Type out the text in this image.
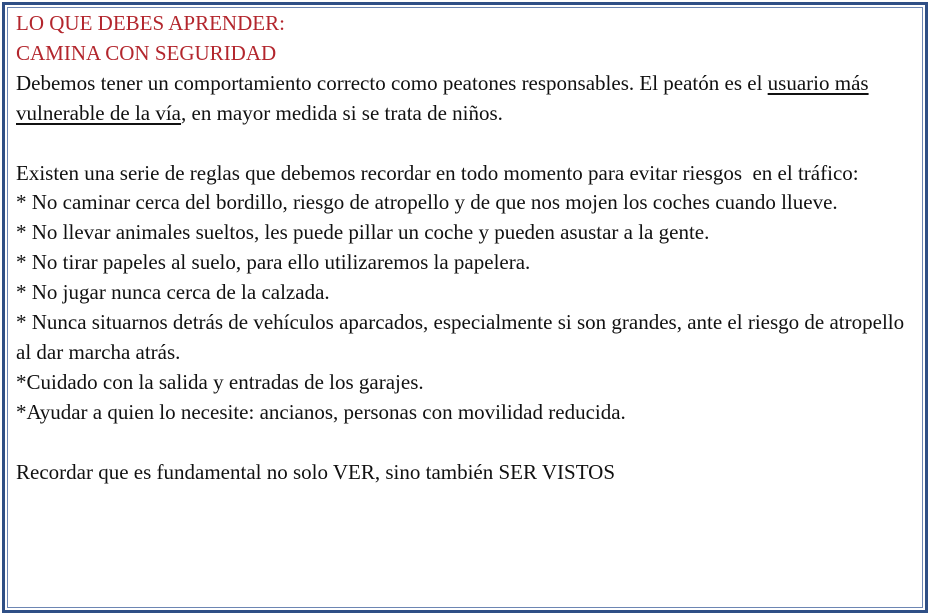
LO QUE DEBES APRENDER:
CAMINA CON SEGURIDAD

Debemos tener un comportamiento correcto como peatones responsables. El peatón es el usuario más vulnerable de la vía, en mayor medida si se trata de niños.

Existen una serie de reglas que debemos recordar en todo momento para evitar riesgos  en el tráfico:

* No caminar cerca del bordillo, riesgo de atropello y de que nos mojen los coches cuando llueve.

* No llevar animales sueltos, les puede pillar un coche y pueden asustar a la gente.

* No tirar papeles al suelo, para ello utilizaremos la papelera.

* No jugar nunca cerca de la calzada.

* Nunca situarnos detrás de vehículos aparcados, especialmente si son grandes, ante el riesgo de atropello al dar marcha atrás.

*Cuidado con la salida y entradas de los garajes.

*Ayudar a quien lo necesite: ancianos, personas con movilidad reducida.

Recordar que es fundamental no solo VER, sino también SER VISTOS
